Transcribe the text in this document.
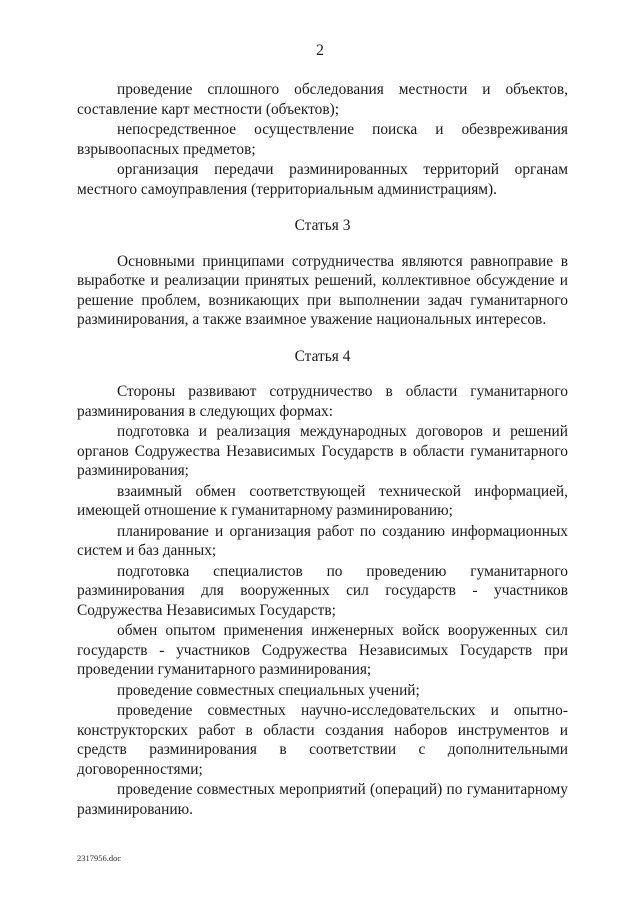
2

проведение сплошного обследования местности и объектов, составление карт местности (объектов);

непосредственное осуществление поиска и обезвреживания взрывоопасных предметов;

организация передачи разминированных территорий органам местного самоуправления (территориальным администрациям).

Статья 3

Основными принципами сотрудничества являются равноправие в выработке и реализации принятых решений, коллективное обсуждение и решение проблем, возникающих при выполнении задач гуманитарного разминирования, а также взаимное уважение национальных интересов.

Статья 4

Стороны развивают сотрудничество в области гуманитарного разминирования в следующих формах:

подготовка и реализация международных договоров и решений органов Содружества Независимых Государств в области гуманитарного разминирования;

взаимный обмен соответствующей технической информацией, имеющей отношение к гуманитарному разминированию;

планирование и организация работ по созданию информационных систем и баз данных;

подготовка специалистов по проведению гуманитарного разминирования для вооруженных сил государств - участников Содружества Независимых Государств;

обмен опытом применения инженерных войск вооруженных сил государств - участников Содружества Независимых Государств при проведении гуманитарного разминирования;

проведение совместных специальных учений;

проведение совместных научно-исследовательских и опытно-конструкторских работ в области создания наборов инструментов и средств разминирования в соответствии с дополнительными договоренностями;

проведение совместных мероприятий (операций) по гуманитарному разминированию.

2317956.doc
